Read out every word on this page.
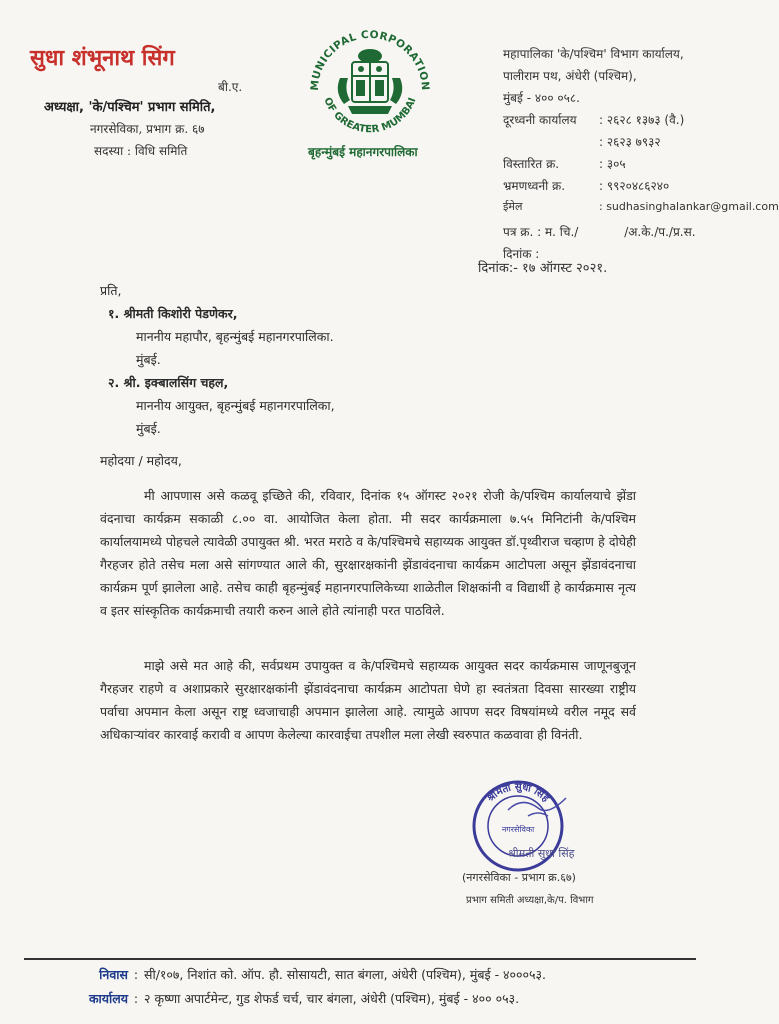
सुधा शंभूनाथ सिंग
बी.ए.
अध्यक्षा, 'के/पश्चिम' प्रभाग समिति,
नगरसेविका, प्रभाग क्र. ६७
सदस्या : विधि समिति
MUNICIPAL CORPORATION
OF GREATER MUMBAI
बृहन्मुंबई महानगरपालिका
महापालिका 'के/पश्चिम' विभाग कार्यालय,
पालीराम पथ, अंधेरी (पश्चिम),
मुंबई - ४०० ०५८.
दूरध्वनी कार्यालय : २६२८ १३७३ (वै.)
: २६२३ ७९३२
विस्तारित क्र.	: ३०५
भ्रमणध्वनी क्र.	: ९९२०४८६२४०
ईमेल	: sudhasinghalankar@gmail.com
पत्र क्र. : म. चि./	/अ.के./प./प्र.स.
दिनांक :
दिनांक:- १७ ऑगस्ट २०२१.
प्रति,
१. श्रीमती किशोरी पेडणेकर,
माननीय महापौर, बृहन्मुंबई महानगरपालिका.
मुंबई.
२. श्री. इक्बालसिंग चहल,
माननीय आयुक्त, बृहन्मुंबई महानगरपालिका,
मुंबई.
महोदया / महोदय,
मी आपणास असे कळवू इच्छिते की, रविवार, दिनांक १५ ऑगस्ट २०२१ रोजी के/पश्चिम कार्यालयाचे झेंडा वंदनाचा कार्यक्रम सकाळी ८.०० वा. आयोजित केला होता. मी सदर कार्यक्रमाला ७.५५ मिनिटांनी के/पश्चिम कार्यालयामध्ये पोहचले त्यावेळी उपायुक्त श्री. भरत मराठे व के/पश्चिमचे सहाय्यक आयुक्त डॉ.पृथ्वीराज चव्हाण हे दोघेही गैरहजर होते तसेच मला असे सांगण्यात आले की, सुरक्षारक्षकांनी झेंडावंदनाचा कार्यक्रम आटोपला असून झेंडावंदनाचा कार्यक्रम पूर्ण झालेला आहे. तसेच काही बृहन्मुंबई महानगरपालिकेच्या शाळेतील शिक्षकांनी व विद्यार्थी हे कार्यक्रमास नृत्य व इतर सांस्कृतिक कार्यक्रमाची तयारी करुन आले होते त्यांनाही परत पाठविले.
माझे असे मत आहे की, सर्वप्रथम उपायुक्त व के/पश्चिमचे सहाय्यक आयुक्त सदर कार्यक्रमास जाणूनबुजून गैरहजर राहणे व अशाप्रकारे सुरक्षारक्षकांनी झेंडावंदनाचा कार्यक्रम आटोपता घेणे हा स्वतंत्रता दिवसा सारख्या राष्ट्रीय पर्वाचा अपमान केला असून राष्ट्र ध्वजाचाही अपमान झालेला आहे. त्यामुळे आपण सदर विषयांमध्ये वरील नमूद सर्व अधिकाऱ्यांवर कारवाई करावी व आपण केलेल्या कारवाईचा तपशील मला लेखी स्वरुपात कळवावा ही विनंती.
श्रीमती सुधा सिंह
नगरसेविका
श्रीमती सुधा सिंह
(नगरसेविका - प्रभाग क्र.६७)
प्रभाग समिती अध्यक्षा,के/प. विभाग
निवास : सी/१०७, निशांत को. ऑप. हौ. सोसायटी, सात बंगला, अंधेरी (पश्चिम), मुंबई - ४०००५३.
कार्यालय : २ कृष्णा अपार्टमेन्ट, गुड शेफर्ड चर्च, चार बंगला, अंधेरी (पश्चिम), मुंबई - ४०० ०५३.
